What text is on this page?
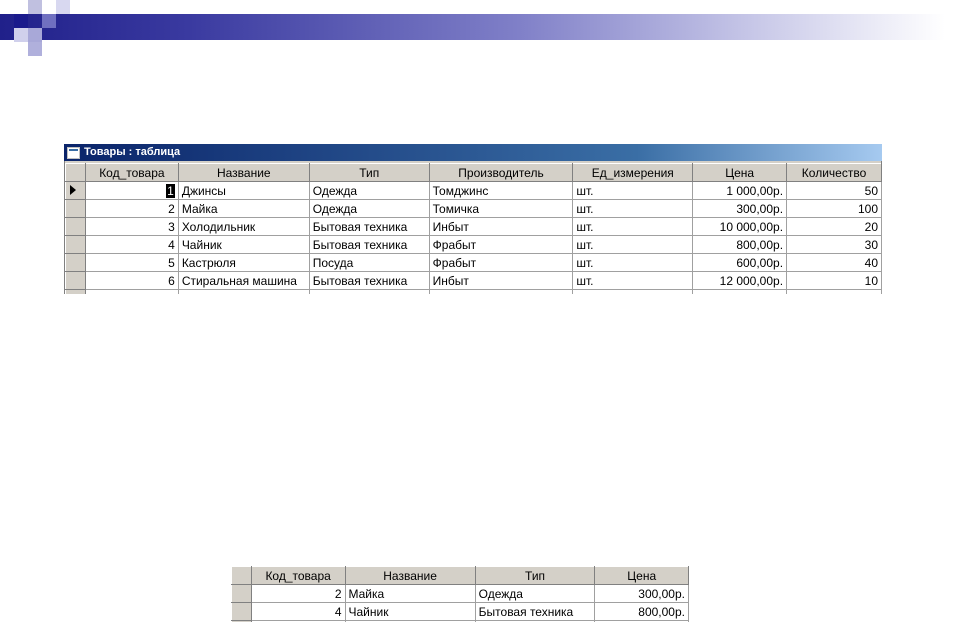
Товары : таблица
	Код_товара	Название	Тип	Производитель	Ед_измерения	Цена	Количество
	1	Джинсы	Одежда	Томджинс	шт.	1 000,00р.	50
	2	Майка	Одежда	Томичка	шт.	300,00р.	100
	3	Холодильник	Бытовая техника	Инбыт	шт.	10 000,00р.	20
	4	Чайник	Бытовая техника	Фрабыт	шт.	800,00р.	30
	5	Кастрюля	Посуда	Фрабыт	шт.	600,00р.	40
	6	Стиральная машина	Бытовая техника	Инбыт	шт.	12 000,00р.	10

	Код_товара	Название	Тип	Цена
	2	Майка	Одежда	300,00р.
	4	Чайник	Бытовая техника	800,00р.
